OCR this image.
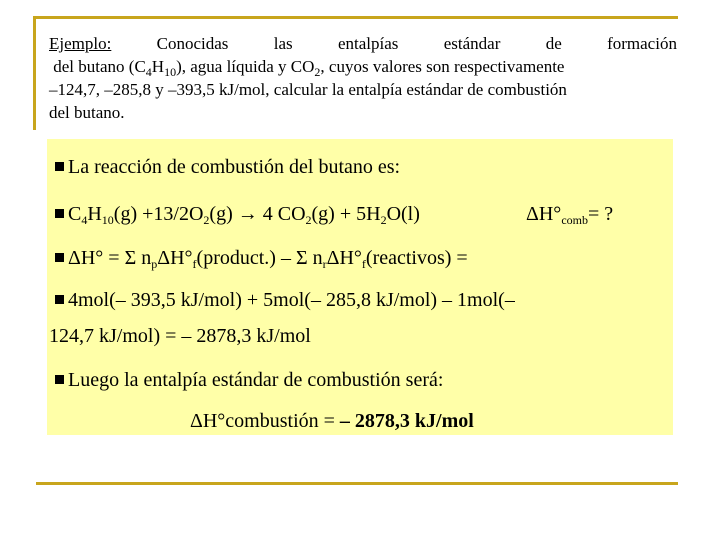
Ejemplo:	Conocidas	las	entalpías	estándar	de	formación
del butano $(C_4H_{10})$, agua líquida y $CO_2$, cuyos valores son respectivamente
–124,7, –285,8 y –393,5 kJ/mol, calcular la entalpía estándar de combustión
del butano.
La reacción de combustión del butano es:
$C_4H_{10}(g) +13/2O_2(g) \to 4$ $CO_2(g) + 5H_2O(l)$	$\Delta H^\circ_{comb}=$ ?
ΔH° = Σ $n_p\Delta H^\circ_f(product.)$ – Σ $n_r\Delta H^\circ_f(reactivos)$ =
4mol(– 393,5 kJ/mol) + 5mol(– 285,8 kJ/mol) – 1mol(–
124,7 kJ/mol) = – 2878,3 kJ/mol
Luego la entalpía estándar de combustión será:
ΔH°combustión = – 2878,3 kJ/mol
